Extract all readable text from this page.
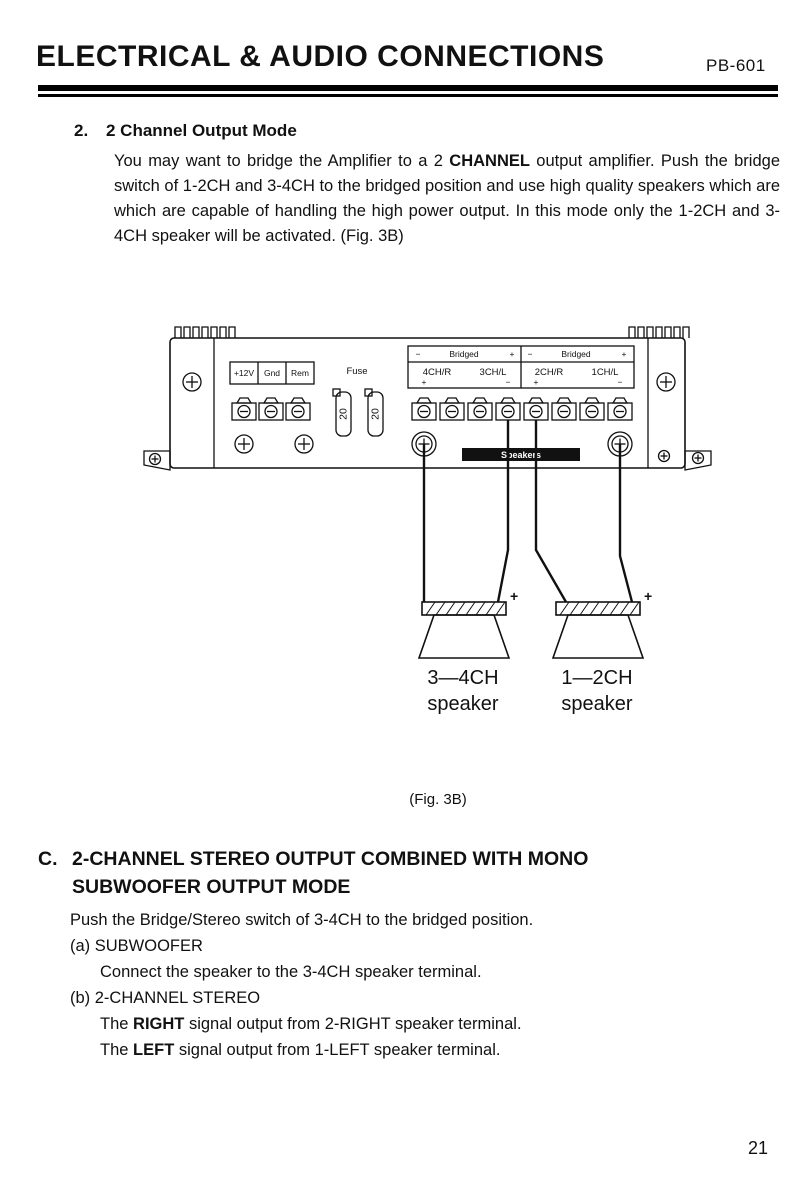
ELECTRICAL & AUDIO CONNECTIONS	PB-601
2. 2 Channel Output Mode
You may want to bridge the Amplifier to a 2 CHANNEL output amplifier. Push the bridge switch of 1-2CH and 3-4CH to the bridged position and use high quality speakers which are which are capable of handling the high power output. In this mode only the 1-2CH and 3-4CH speaker will be activated. (Fig. 3B)
+12V Gnd Rem	Fuse
20 20
−	Bridged	+ −	Bridged	+
4CH/R	3CH/L	2CH/R	1CH/L
+	−	+	−
Speakers
+
3—4CH
speaker
+
1—2CH
speaker
(Fig. 3B)
C. 2-CHANNEL STEREO OUTPUT COMBINED WITH MONO
SUBWOOFER OUTPUT MODE
Push the Bridge/Stereo switch of 3-4CH to the bridged position.
(a) SUBWOOFER
Connect the speaker to the 3-4CH speaker terminal.
(b) 2-CHANNEL STEREO
The RIGHT signal output from 2-RIGHT speaker terminal.
The LEFT signal output from 1-LEFT speaker terminal.
21
